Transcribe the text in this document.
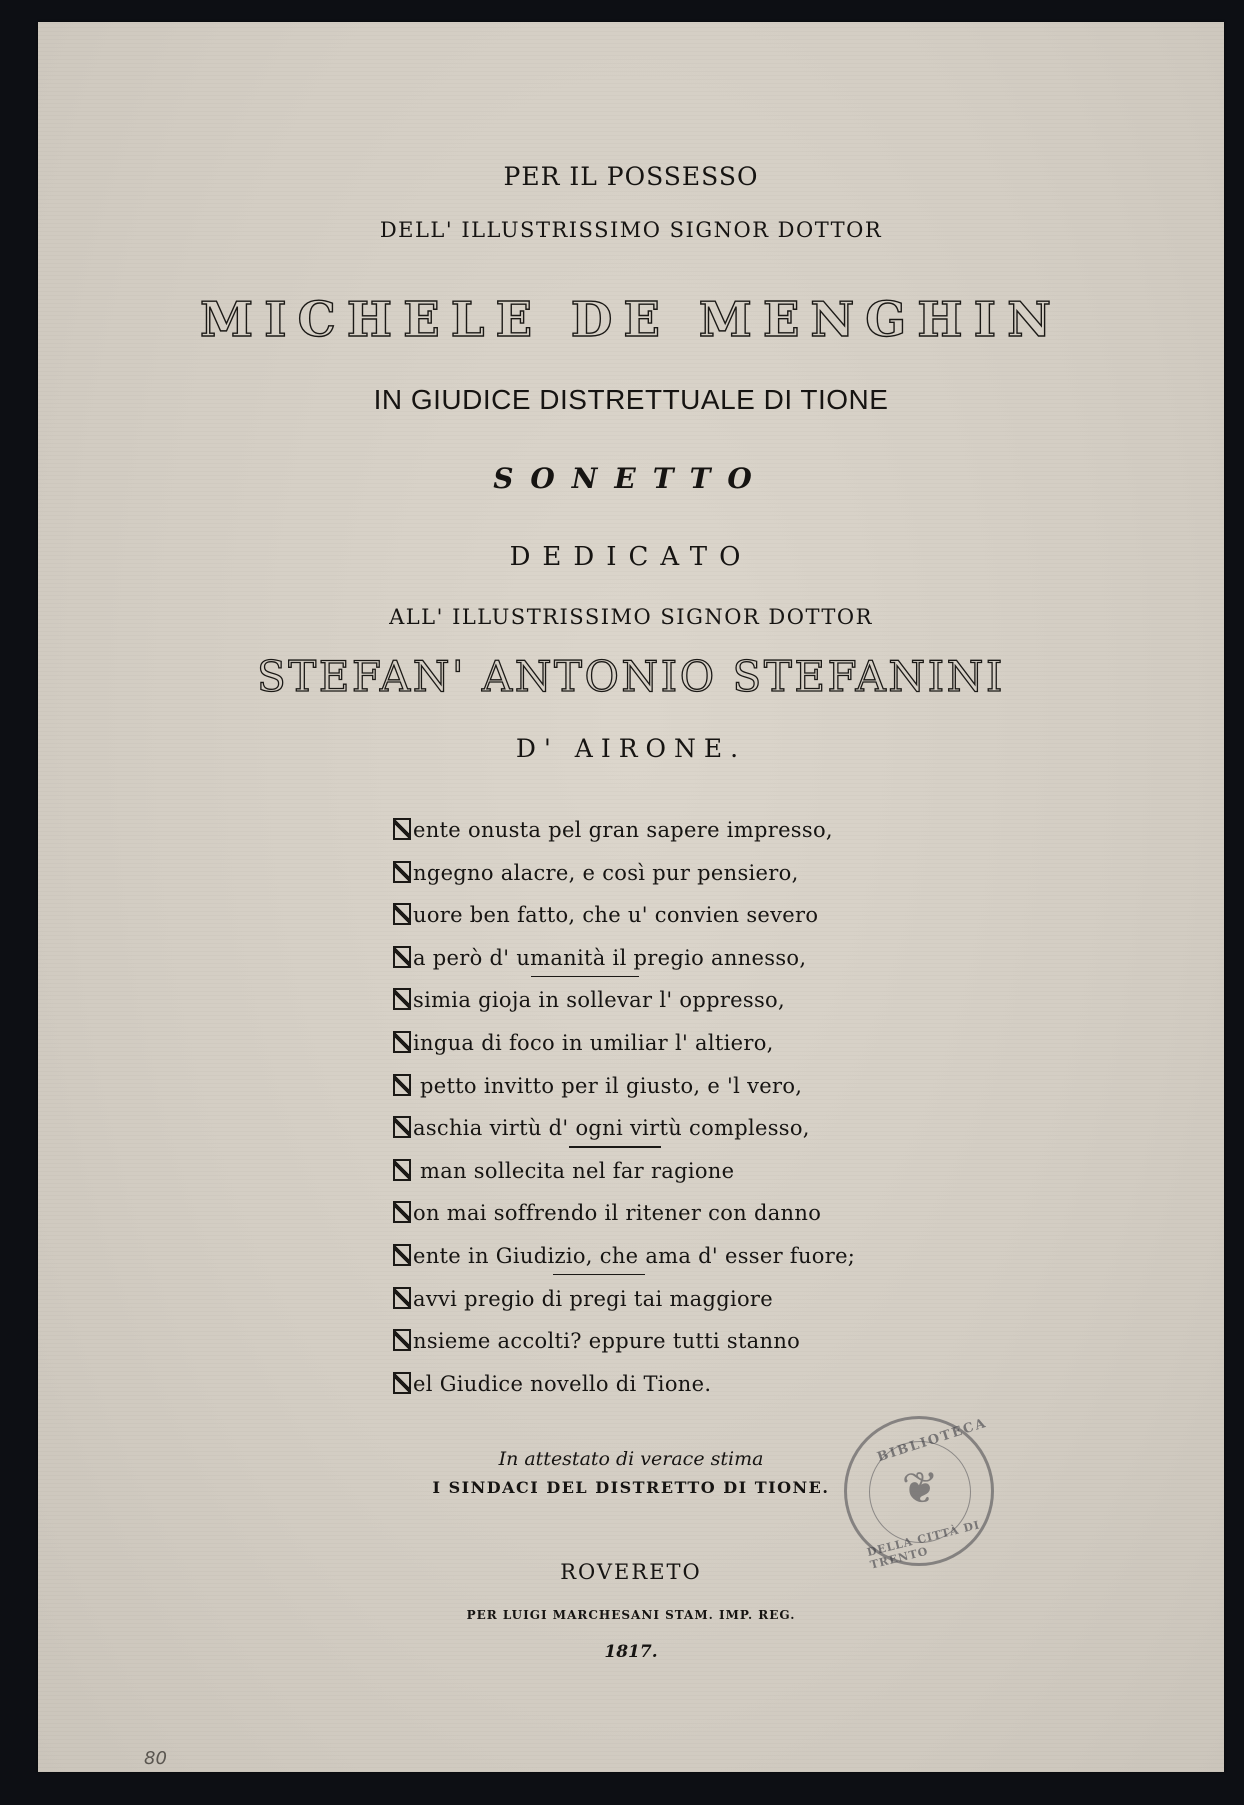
PER IL POSSESSO
DELL' ILLUSTRISSIMO SIGNOR DOTTOR
MICHELE DE MENGHIN
IN GIUDICE DISTRETTUALE DI TIONE
SONETTO
DEDICATO
ALL' ILLUSTRISSIMO SIGNOR DOTTOR
STEFAN' ANTONIO STEFANINI
D' AIRONE.
ente onusta pel gran sapere impresso,
ngegno alacre, e così pur pensiero,
uore ben fatto, che u' convien severo
a però d' umanità il pregio annesso,
simia gioja in sollevar l' oppresso,
ingua di foco in umiliar l' altiero,
petto invitto per il giusto, e 'l vero,
aschia virtù d' ogni virtù complesso,
man sollecita nel far ragione
on mai soffrendo il ritener con danno
ente in Giudizio, che ama d' esser fuore;
avvi pregio di pregi tai maggiore
nsieme accolti? eppure tutti stanno
el Giudice novello di Tione.
In attestato di verace stima
I SINDACI DEL DISTRETTO DI TIONE.
ROVERETO
PER LUIGI MARCHESANI STAM. IMP. REG.
1817.
❦
BIBLIOTECA
DELLA CITTÀ DI TRENTO
80
